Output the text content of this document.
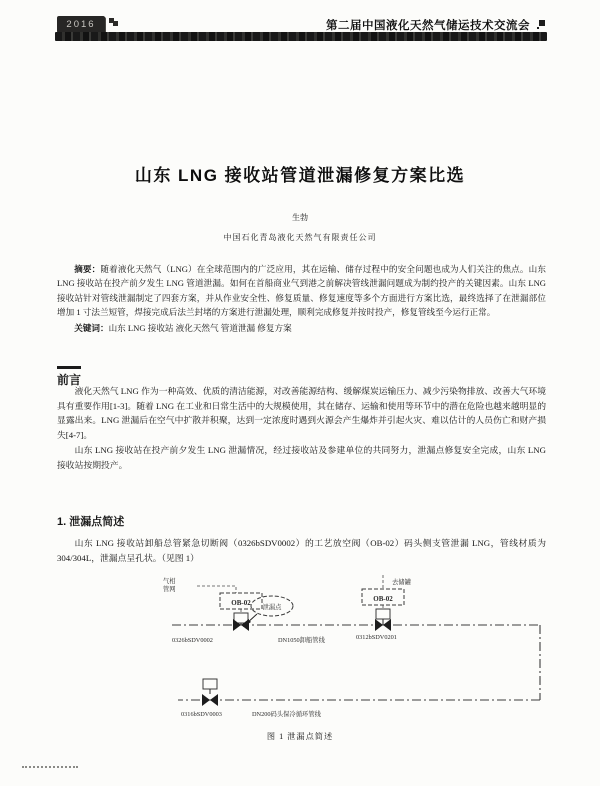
2016	第二届中国液化天然气储运技术交流会
山东 LNG 接收站管道泄漏修复方案比选
生勃
中国石化青岛液化天然气有限责任公司

摘要：随着液化天然气（LNG）在全球范围内的广泛应用，其在运输、储存过程中的安全问题也成为人们关注的焦点。山东 LNG 接收站在投产前夕发生 LNG 管道泄漏。如何在首船商业气到港之前解决管线泄漏问题成为制约投产的关键因素。山东 LNG 接收站针对管线泄漏制定了四套方案，并从作业安全性、修复质量、修复速度等多个方面进行方案比选，最终选择了在泄漏部位增加 1 寸法兰短管，焊接完成后法兰封堵的方案进行泄漏处理，顺利完成修复并按时投产，修复管线至今运行正常。

关键词：山东 LNG 接收站 液化天然气 管道泄漏 修复方案

前言
液化天然气 LNG 作为一种高效、优质的清洁能源，对改善能源结构、缓解煤炭运输压力、减少污染物排放、改善大气环境具有重要作用[1-3]。随着 LNG 在工业和日常生活中的大规模使用，其在储存、运输和使用等环节中的潜在危险也越来越明显的显露出来。LNG 泄漏后在空气中扩散并积聚，达到一定浓度时遇到火源会产生爆炸并引起火灾、难以估计的人员伤亡和财产损失[4-7]。
山东 LNG 接收站在投产前夕发生 LNG 泄漏情况，经过接收站及参建单位的共同努力，泄漏点修复安全完成，山东 LNG 接收站按期投产。
1. 泄漏点简述
山东 LNG 接收站卸船总管紧急切断阀（0326bSDV0002）的工艺放空阀（OB-02）码头侧支管泄漏 LNG，管线材质为 304/304L，泄漏点呈孔状。（见图 1）
气相
管网
OB-02
泄漏点
去储罐
OB-02
0326bSDV0002	DN1050卸船管线	0312bSDV0201
0316bSDV0003	DN200码头保冷循环管线
图 1 泄漏点简述
